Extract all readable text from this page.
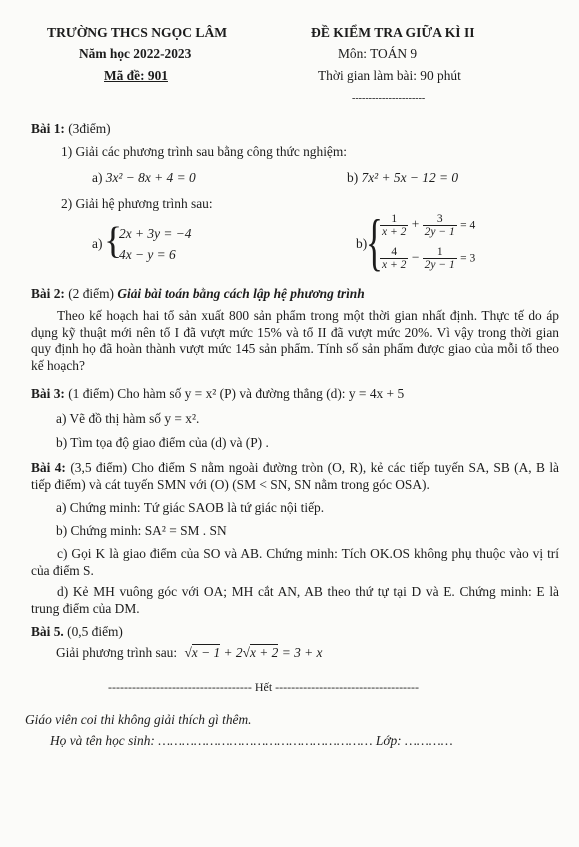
TRƯỜNG THCS NGỌC LÂM
Năm học 2022-2023
Mã đề: 901
ĐỀ KIỂM TRA GIỮA KÌ II
Môn: TOÁN 9
Thời gian làm bài: 90 phút
----------------------
Bài 1: (3điểm)
1) Giải các phương trình sau bằng công thức nghiệm:
a) 3x² − 8x + 4 = 0	b) 7x² + 5x − 12 = 0
2) Giải hệ phương trình sau:
a) {
2x + 3y = −4
4x − y = 6
b)
{
$\frac{1}{x + 2} + \frac{3}{2y - 1} = 4$
$\frac{4}{x + 2} - \frac{1}{2y - 1} = 3$
Bài 2: (2 điểm) Giải bài toán bằng cách lập hệ phương trình
Theo kế hoạch hai tổ sản xuất 800 sản phẩm trong một thời gian nhất định. Thực tế do áp dụng kỹ thuật mới nên tổ I đã vượt mức 15% và tổ II đã vượt mức 20%. Vì vậy trong thời gian quy định họ đã hoàn thành vượt mức 145 sản phẩm. Tính số sản phẩm được giao của mỗi tổ theo kế hoạch?
Bài 3: (1 điểm) Cho hàm số y = x² (P) và đường thẳng (d): y = 4x + 5
a) Vẽ đồ thị hàm số y = x².
b) Tìm tọa độ giao điểm của (d) và (P) .
Bài 4: (3,5 điểm) Cho điểm S nằm ngoài đường tròn (O, R), kẻ các tiếp tuyến SA, SB (A, B là tiếp điểm) và cát tuyến SMN với (O) (SM < SN, SN nằm trong góc OSA).
a) Chứng minh: Tứ giác SAOB là tứ giác nội tiếp.
b) Chứng minh: SA² = SM . SN
c) Gọi K là giao điểm của SO và AB. Chứng minh: Tích OK.OS không phụ thuộc vào vị trí của điểm S.
d) Kẻ MH vuông góc với OA; MH cắt AN, AB theo thứ tự tại D và E. Chứng minh: E là trung điểm của DM.
Bài 5. (0,5 điểm)
Giải phương trình sau: √x − 1 + 2√x + 2 = 3 + x
------------------------------------ Hết ------------------------------------
Giáo viên coi thi không giải thích gì thêm.
Họ và tên học sinh: ……………………………………………… Lớp: …………
